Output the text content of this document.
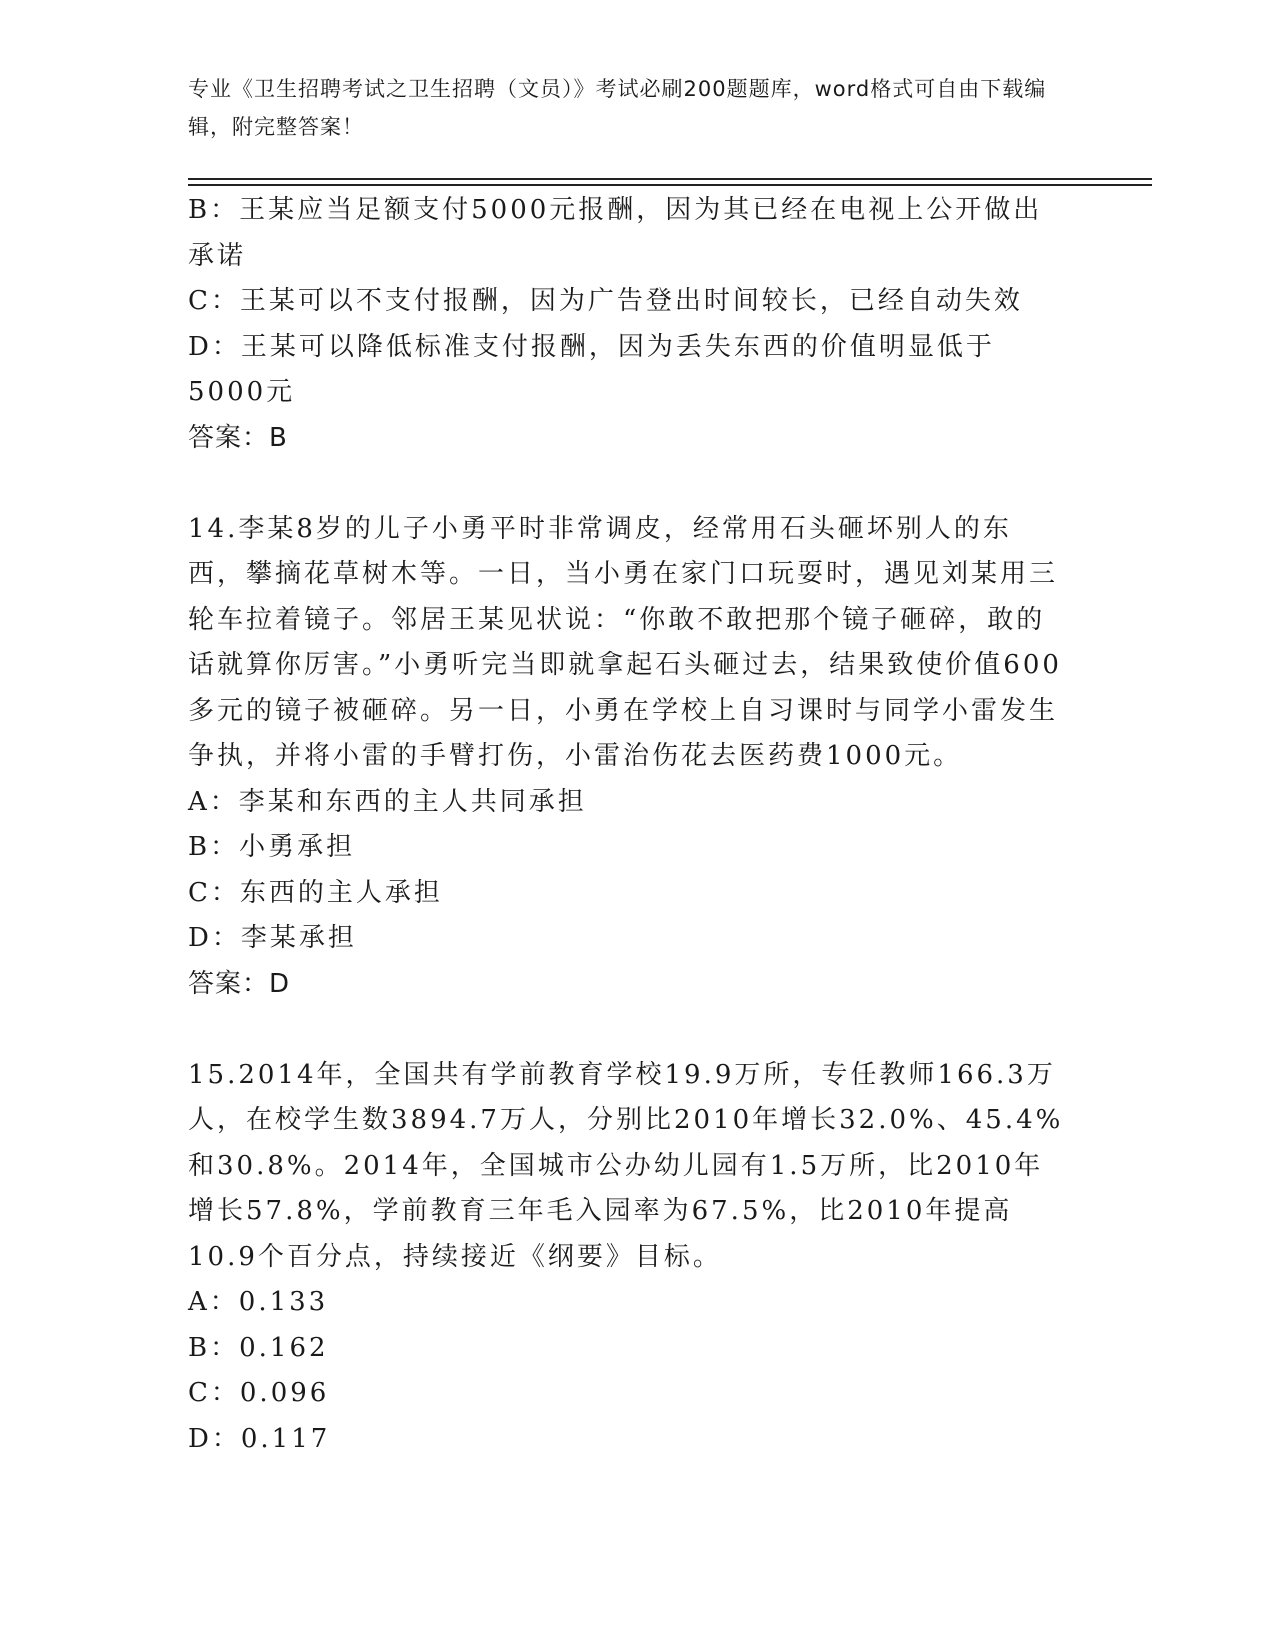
专业《卫生招聘考试之卫生招聘（文员）》考试必刷200题题库，word格式可自由下载编辑，附完整答案！

B：王某应当足额支付5000元报酬，因为其已经在电视上公开做出承诺

C：王某可以不支付报酬，因为广告登出时间较长，已经自动失效

D：王某可以降低标准支付报酬，因为丢失东西的价值明显低于5000元

答案：B

14.李某8岁的儿子小勇平时非常调皮，经常用石头砸坏别人的东西，攀摘花草树木等。一日，当小勇在家门口玩耍时，遇见刘某用三轮车拉着镜子。邻居王某见状说：“你敢不敢把那个镜子砸碎，敢的话就算你厉害。”小勇听完当即就拿起石头砸过去，结果致使价值600多元的镜子被砸碎。另一日，小勇在学校上自习课时与同学小雷发生争执，并将小雷的手臂打伤，小雷治伤花去医药费1000元。

A：李某和东西的主人共同承担

B：小勇承担

C：东西的主人承担

D：李某承担

答案：D

15.2014年，全国共有学前教育学校19.9万所，专任教师166.3万人，在校学生数3894.7万人，分别比2010年增长32.0%、45.4%和30.8%。2014年，全国城市公办幼儿园有1.5万所，比2010年增长57.8%，学前教育三年毛入园率为67.5%，比2010年提高10.9个百分点，持续接近《纲要》目标。

A：0.133

B：0.162

C：0.096

D：0.117
